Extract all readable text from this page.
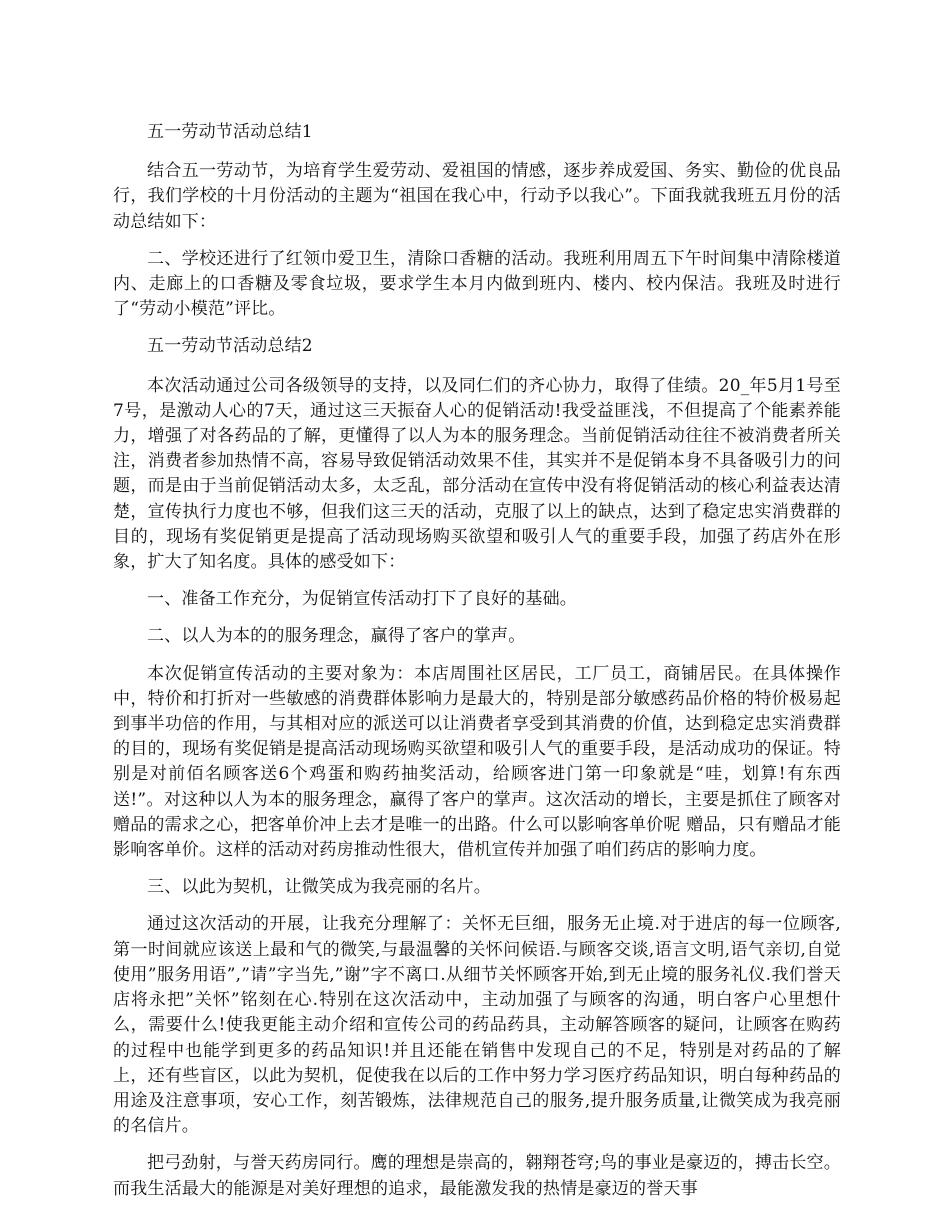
五一劳动节活动总结1

结合五一劳动节，为培育学生爱劳动、爱祖国的情感，逐步养成爱国、务实、勤俭的优良品行，我们学校的十月份活动的主题为“祖国在我心中，行动予以我心”。下面我就我班五月份的活动总结如下：

二、学校还进行了红领巾爱卫生，清除口香糖的活动。我班利用周五下午时间集中清除楼道内、走廊上的口香糖及零食垃圾，要求学生本月内做到班内、楼内、校内保洁。我班及时进行了“劳动小模范”评比。

五一劳动节活动总结2

本次活动通过公司各级领导的支持，以及同仁们的齐心协力，取得了佳绩。20_年5月1号至7号，是激动人心的7天，通过这三天振奋人心的促销活动!我受益匪浅，不但提高了个能素养能力，增强了对各药品的了解，更懂得了以人为本的服务理念。当前促销活动往往不被消费者所关注，消费者参加热情不高，容易导致促销活动效果不佳，其实并不是促销本身不具备吸引力的问题，而是由于当前促销活动太多，太乏乱，部分活动在宣传中没有将促销活动的核心利益表达清楚，宣传执行力度也不够，但我们这三天的活动，克服了以上的缺点，达到了稳定忠实消费群的目的，现场有奖促销更是提高了活动现场购买欲望和吸引人气的重要手段，加强了药店外在形象，扩大了知名度。具体的感受如下：

一、准备工作充分，为促销宣传活动打下了良好的基础。

二、以人为本的的服务理念，赢得了客户的掌声。

本次促销宣传活动的主要对象为：本店周围社区居民，工厂员工，商铺居民。在具体操作中，特价和打折对一些敏感的消费群体影响力是最大的，特别是部分敏感药品价格的特价极易起到事半功倍的作用，与其相对应的派送可以让消费者享受到其消费的价值，达到稳定忠实消费群的目的，现场有奖促销是提高活动现场购买欲望和吸引人气的重要手段，是活动成功的保证。特别是对前佰名顾客送6个鸡蛋和购药抽奖活动，给顾客进门第一印象就是“哇，划算!有东西送!”。对这种以人为本的服务理念，赢得了客户的掌声。这次活动的增长，主要是抓住了顾客对赠品的需求之心，把客单价冲上去才是唯一的出路。什么可以影响客单价呢 赠品，只有赠品才能影响客单价。这样的活动对药房推动性很大，借机宣传并加强了咱们药店的影响力度。

三、以此为契机，让微笑成为我亮丽的名片。

通过这次活动的开展，让我充分理解了：关怀无巨细，服务无止境.对于进店的每一位顾客,第一时间就应该送上最和气的微笑,与最温馨的关怀问候语.与顾客交谈,语言文明,语气亲切,自觉使用”服务用语”,”请”字当先,”谢”字不离口.从细节关怀顾客开始,到无止境的服务礼仪.我们誉天店将永把”关怀”铭刻在心.特别在这次活动中，主动加强了与顾客的沟通，明白客户心里想什么，需要什么!使我更能主动介绍和宣传公司的药品药具，主动解答顾客的疑问，让顾客在购药的过程中也能学到更多的药品知识!并且还能在销售中发现自己的不足，特别是对药品的了解上，还有些盲区，以此为契机，促使我在以后的工作中努力学习医疗药品知识，明白每种药品的用途及注意事项，安心工作，刻苦锻炼，法律规范自己的服务,提升服务质量,让微笑成为我亮丽的名信片。

把弓劲射，与誉天药房同行。鹰的理想是崇高的，翱翔苍穹;鸟的事业是豪迈的，搏击长空。而我生活最大的能源是对美好理想的追求，最能激发我的热情是豪迈的誉天事
